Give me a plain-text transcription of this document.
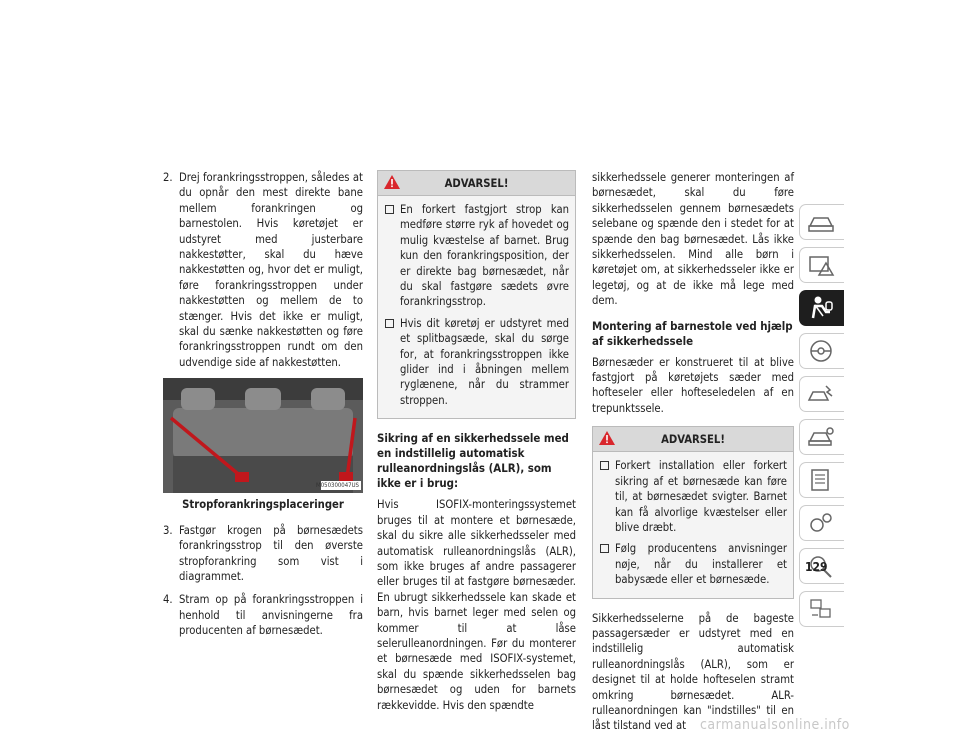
2. Drej forankringsstroppen, således at du opnår den mest direkte bane mellem forankringen og barnestolen. Hvis køretøjet er udstyret med justerbare nakkestøtter, skal du hæve nakkestøtten og, hvor det er muligt, føre forankringsstroppen under nakkestøtten og mellem de to stænger. Hvis det ikke er muligt, skal du sænke nakkestøtten og føre forankringsstroppen rundt om den udvendige side af nakkestøtten.
M050300047US
Stropforankringsplaceringer
3. Fastgør krogen på børnesædets forankringsstrop til den øverste stropforankring som vist i diagrammet.
4. Stram op på forankringsstroppen i henhold til anvisningerne fra producenten af børnesædet.
ADVARSEL!
En forkert fastgjort strop kan medføre større ryk af hovedet og mulig kvæstelse af barnet. Brug kun den forankringsposition, der er direkte bag børnesædet, når du skal fastgøre sædets øvre forankringsstrop.
Hvis dit køretøj er udstyret med et splitbagsæde, skal du sørge for, at forankringsstroppen ikke glider ind i åbningen mellem ryglænene, når du strammer stroppen.
Sikring af en sikkerhedssele med en indstillelig automatisk rulleanordningslås (ALR), som ikke er i brug:

Hvis ISOFIX-monteringssystemet bruges til at montere et børnesæde, skal du sikre alle sikkerhedsseler med automatisk rulleanordningslås (ALR), som ikke bruges af andre passagerer eller bruges til at fastgøre børnesæder. En ubrugt sikkerhedssele kan skade et barn, hvis barnet leger med selen og kommer til at låse selerulleanordningen. Før du monterer et børnesæde med ISOFIX-systemet, skal du spænde sikkerhedsselen bag børnesædet og uden for barnets rækkevidde. Hvis den spændte

sikkerhedssele generer monteringen af børnesædet, skal du føre sikkerhedsselen gennem børnesædets selebane og spænde den i stedet for at spænde den bag børnesædet. Lås ikke sikkerhedsselen. Mind alle børn i køretøjet om, at sikkerhedsseler ikke er legetøj, og at de ikke må lege med dem.

Montering af barnestole ved hjælp af sikkerhedssele

Børnesæder er konstrueret til at blive fastgjort på køretøjets sæder med hofteseler eller hofteseledelen af en trepunktssele.

ADVARSEL!
Forkert installation eller forkert sikring af et børnesæde kan føre til, at børnesædet svigter. Barnet kan få alvorlige kvæstelser eller blive dræbt.
Følg producentens anvisninger nøje, når du installerer et babysæde eller et børnesæde.

Sikkerhedsselerne på de bageste passagersæder er udstyret med en indstillelig automatisk rulleanordningslås (ALR), som er designet til at holde hofteselen stramt omkring børnesædet. ALR-rulleanordningen kan "indstilles" til en låst tilstand ved at

129
carmanualsonline.info
